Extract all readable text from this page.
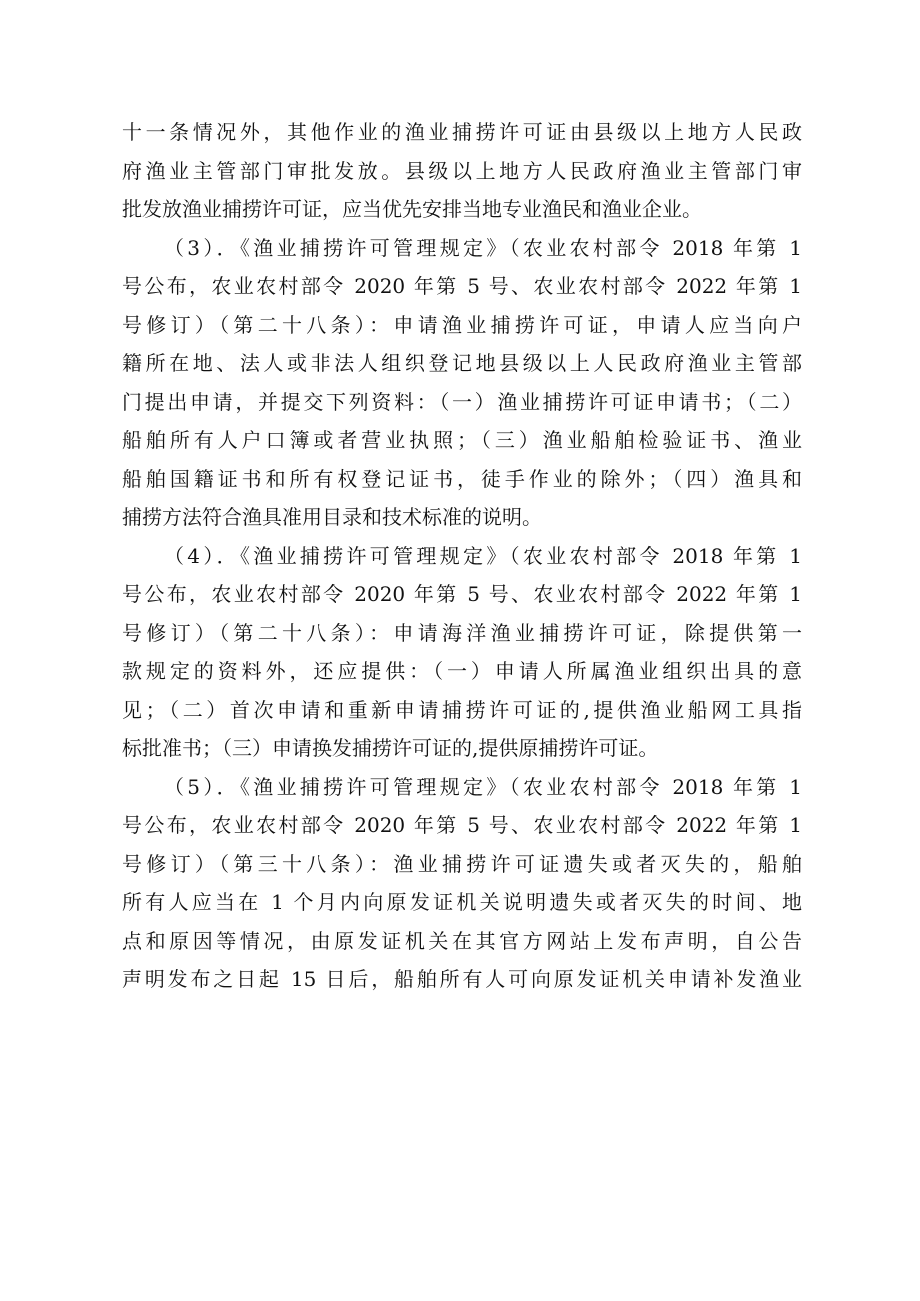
十一条情况外，其他作业的渔业捕捞许可证由县级以上地方人民政
府渔业主管部门审批发放。县级以上地方人民政府渔业主管部门审
批发放渔业捕捞许可证，应当优先安排当地专业渔民和渔业企业。

（3）．《渔业捕捞许可管理规定》（农业农村部令 2018 年第 1
号公布，农业农村部令 2020 年第 5 号、农业农村部令 2022 年第 1
号修订）（第二十八条）：申请渔业捕捞许可证，申请人应当向户
籍所在地、法人或非法人组织登记地县级以上人民政府渔业主管部
门提出申请，并提交下列资料：（一）渔业捕捞许可证申请书；（二）
船舶所有人户口簿或者营业执照；（三）渔业船舶检验证书、渔业
船舶国籍证书和所有权登记证书，徒手作业的除外；（四）渔具和
捕捞方法符合渔具准用目录和技术标准的说明。

（4）．《渔业捕捞许可管理规定》（农业农村部令 2018 年第 1
号公布，农业农村部令 2020 年第 5 号、农业农村部令 2022 年第 1
号修订）（第二十八条）：申请海洋渔业捕捞许可证，除提供第一
款规定的资料外，还应提供：（一）申请人所属渔业组织出具的意
见；（二）首次申请和重新申请捕捞许可证的,提供渔业船网工具指
标批准书；（三）申请换发捕捞许可证的,提供原捕捞许可证。

（5）．《渔业捕捞许可管理规定》（农业农村部令 2018 年第 1
号公布，农业农村部令 2020 年第 5 号、农业农村部令 2022 年第 1
号修订）（第三十八条）：渔业捕捞许可证遗失或者灭失的，船舶
所有人应当在 1 个月内向原发证机关说明遗失或者灭失的时间、地
点和原因等情况，由原发证机关在其官方网站上发布声明，自公告
声明发布之日起 15 日后，船舶所有人可向原发证机关申请补发渔业
